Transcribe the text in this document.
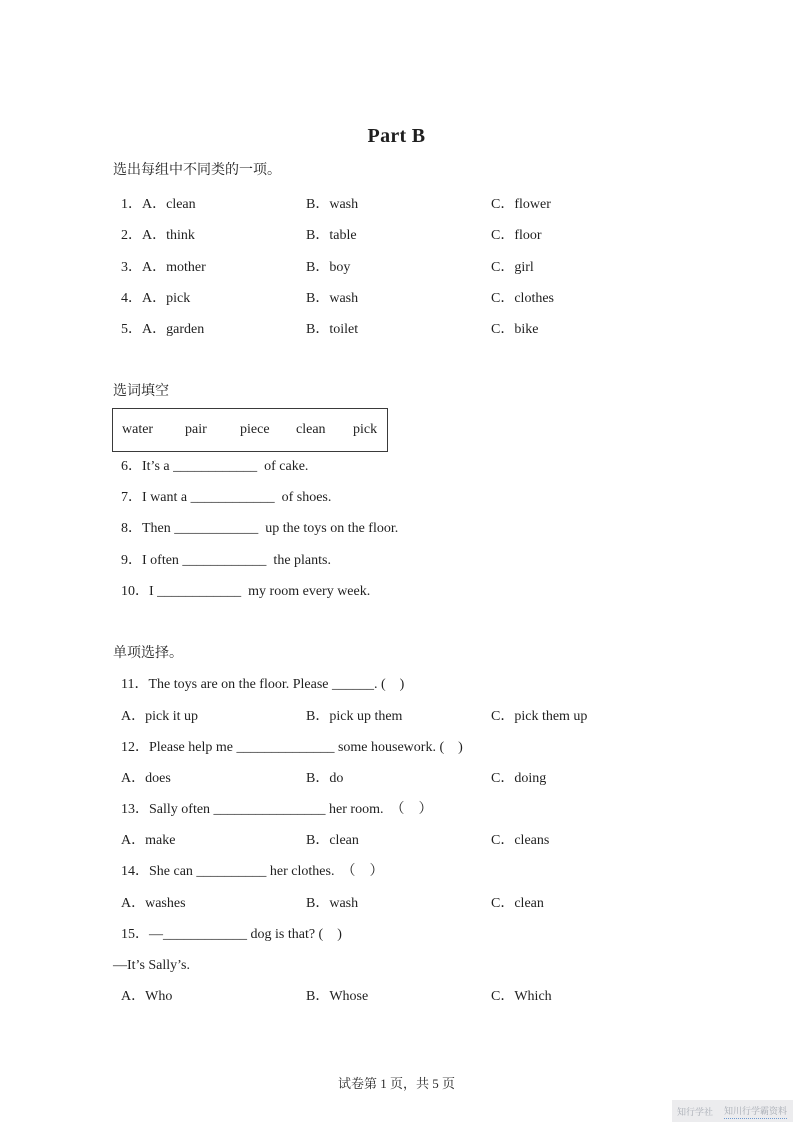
Part B
选出每组中不同类的一项。
1．A．clean	B．wash	C．flower
2．A．think	B．table	C．floor
3．A．mother	B．boy	C．girl
4．A．pick	B．wash	C．clothes
5．A．garden	B．toilet	C．bike
选词填空
water pair piece clean pick
6．It’s a ____________  of cake.
7．I want a ____________  of shoes.
8．Then ____________  up the toys on the floor.
9．I often ____________  the plants.
10．I ____________  my room every week.
单项选择。
11．The toys are on the floor. Please ______. (　)
A．pick it up	B．pick up them	C．pick them up
12．Please help me ______________ some housework. (　)
A．does	B．do	C．doing
13．Sally often ________________ her room.　（　）
A．make	B．clean	C．cleans
14．She can __________ her clothes.　（　）
A．washes	B．wash	C．clean
15．—____________ dog is that? (　)
—It’s Sally’s.
A．Who	B．Whose	C．Which
试卷第 1 页，共 5 页
知行学社 知川行学霸资料
